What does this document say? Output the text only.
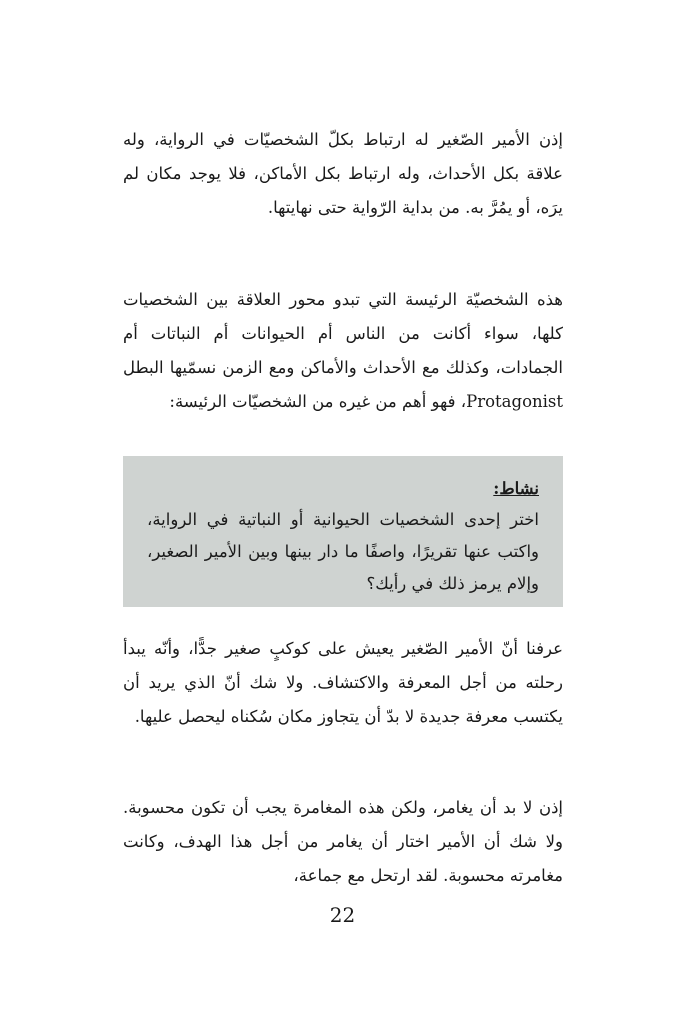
إذن الأمير الصّغير له ارتباط بكلّ الشخصيّات في الرواية، وله علاقة بكل الأحداث، وله ارتباط بكل الأماكن، فلا يوجد مكان لم يرَه، أو يمُرَّ به. من بداية الرّواية حتى نهايتها.

هذه الشخصيّة الرئيسة التي تبدو محور العلاقة بين الشخصيات كلها، سواء أكانت من الناس أم الحيوانات أم النباتات أم الجمادات، وكذلك مع الأحداث والأماكن ومع الزمن نسمّيها البطل Protagonist، فهو أهم من غيره من الشخصيّات الرئيسة:

نشاط:

اختر إحدى الشخصيات الحيوانية أو النباتية في الرواية، واكتب عنها تقريرًا، واصفًا ما دار بينها وبين الأمير الصغير، وإلام يرمز ذلك في رأيك؟

عرفنا أنّ الأمير الصّغير يعيش على كوكبٍ صغير جدًّا، وأنّه يبدأ رحلته من أجل المعرفة والاكتشاف. ولا شك أنّ الذي يريد أن يكتسب معرفة جديدة لا بدّ أن يتجاوز مكان سُكناه ليحصل عليها.

إذن لا بد أن يغامر، ولكن هذه المغامرة يجب أن تكون محسوبة. ولا شك أن الأمير اختار أن يغامر من أجل هذا الهدف، وكانت مغامرته محسوبة. لقد ارتحل مع جماعة،

22
